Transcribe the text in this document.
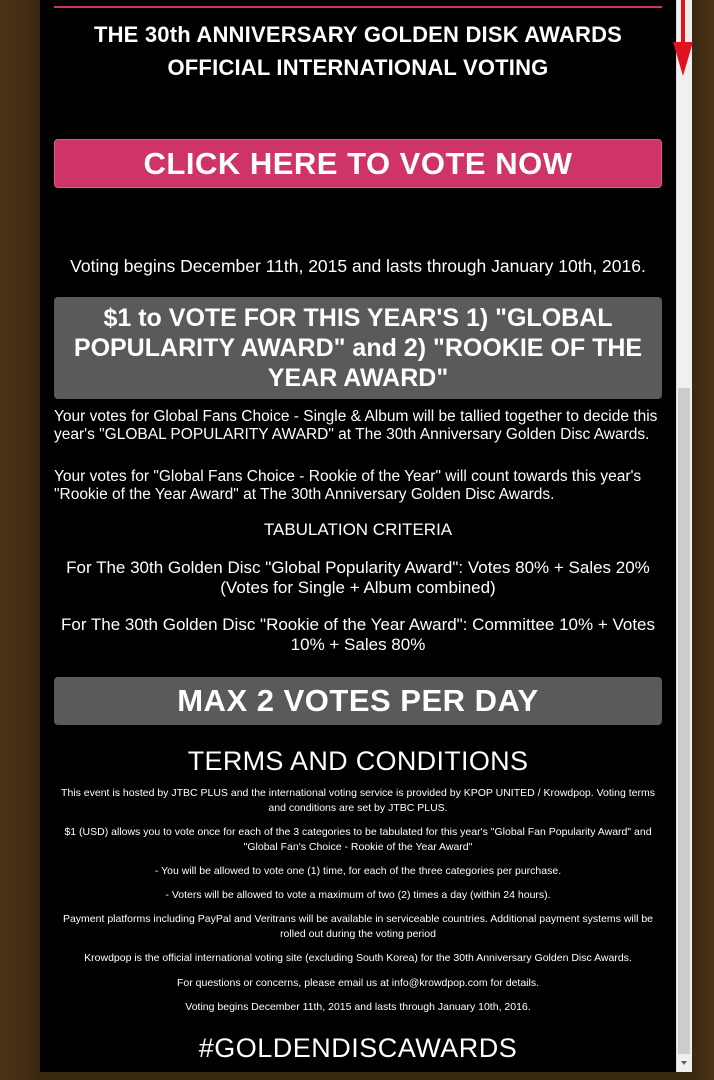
THE 30th ANNIVERSARY GOLDEN DISK AWARDS
OFFICIAL INTERNATIONAL VOTING
CLICK HERE TO VOTE NOW
Voting begins December 11th, 2015 and lasts through January 10th, 2016.
$1 to VOTE FOR THIS YEAR'S 1) "GLOBAL POPULARITY AWARD" and 2) "ROOKIE OF THE YEAR AWARD"
Your votes for Global Fans Choice - Single & Album will be tallied together to decide this year's "GLOBAL POPULARITY AWARD" at The 30th Anniversary Golden Disc Awards.
Your votes for "Global Fans Choice - Rookie of the Year" will count towards this year's "Rookie of the Year Award" at The 30th Anniversary Golden Disc Awards.
TABULATION CRITERIA
For The 30th Golden Disc "Global Popularity Award": Votes 80% + Sales 20% (Votes for Single + Album combined)
For The 30th Golden Disc "Rookie of the Year Award": Committee 10% + Votes 10% + Sales 80%
MAX 2 VOTES PER DAY
TERMS AND CONDITIONS
This event is hosted by JTBC PLUS and the international voting service is provided by KPOP UNITED / Krowdpop. Voting terms and conditions are set by JTBC PLUS.
$1 (USD) allows you to vote once for each of the 3 categories to be tabulated for this year's "Global Fan Popularity Award" and "Global Fan's Choice - Rookie of the Year Award"
- You will be allowed to vote one (1) time, for each of the three categories per purchase.
- Voters will be allowed to vote a maximum of two (2) times a day (within 24 hours).
Payment platforms including PayPal and Veritrans will be available in serviceable countries. Additional payment systems will be rolled out during the voting period
Krowdpop is the official international voting site (excluding South Korea) for the 30th Anniversary Golden Disc Awards.
For questions or concerns, please email us at info@krowdpop.com for details.
Voting begins December 11th, 2015 and lasts through January 10th, 2016.
#GOLDENDISCAWARDS
